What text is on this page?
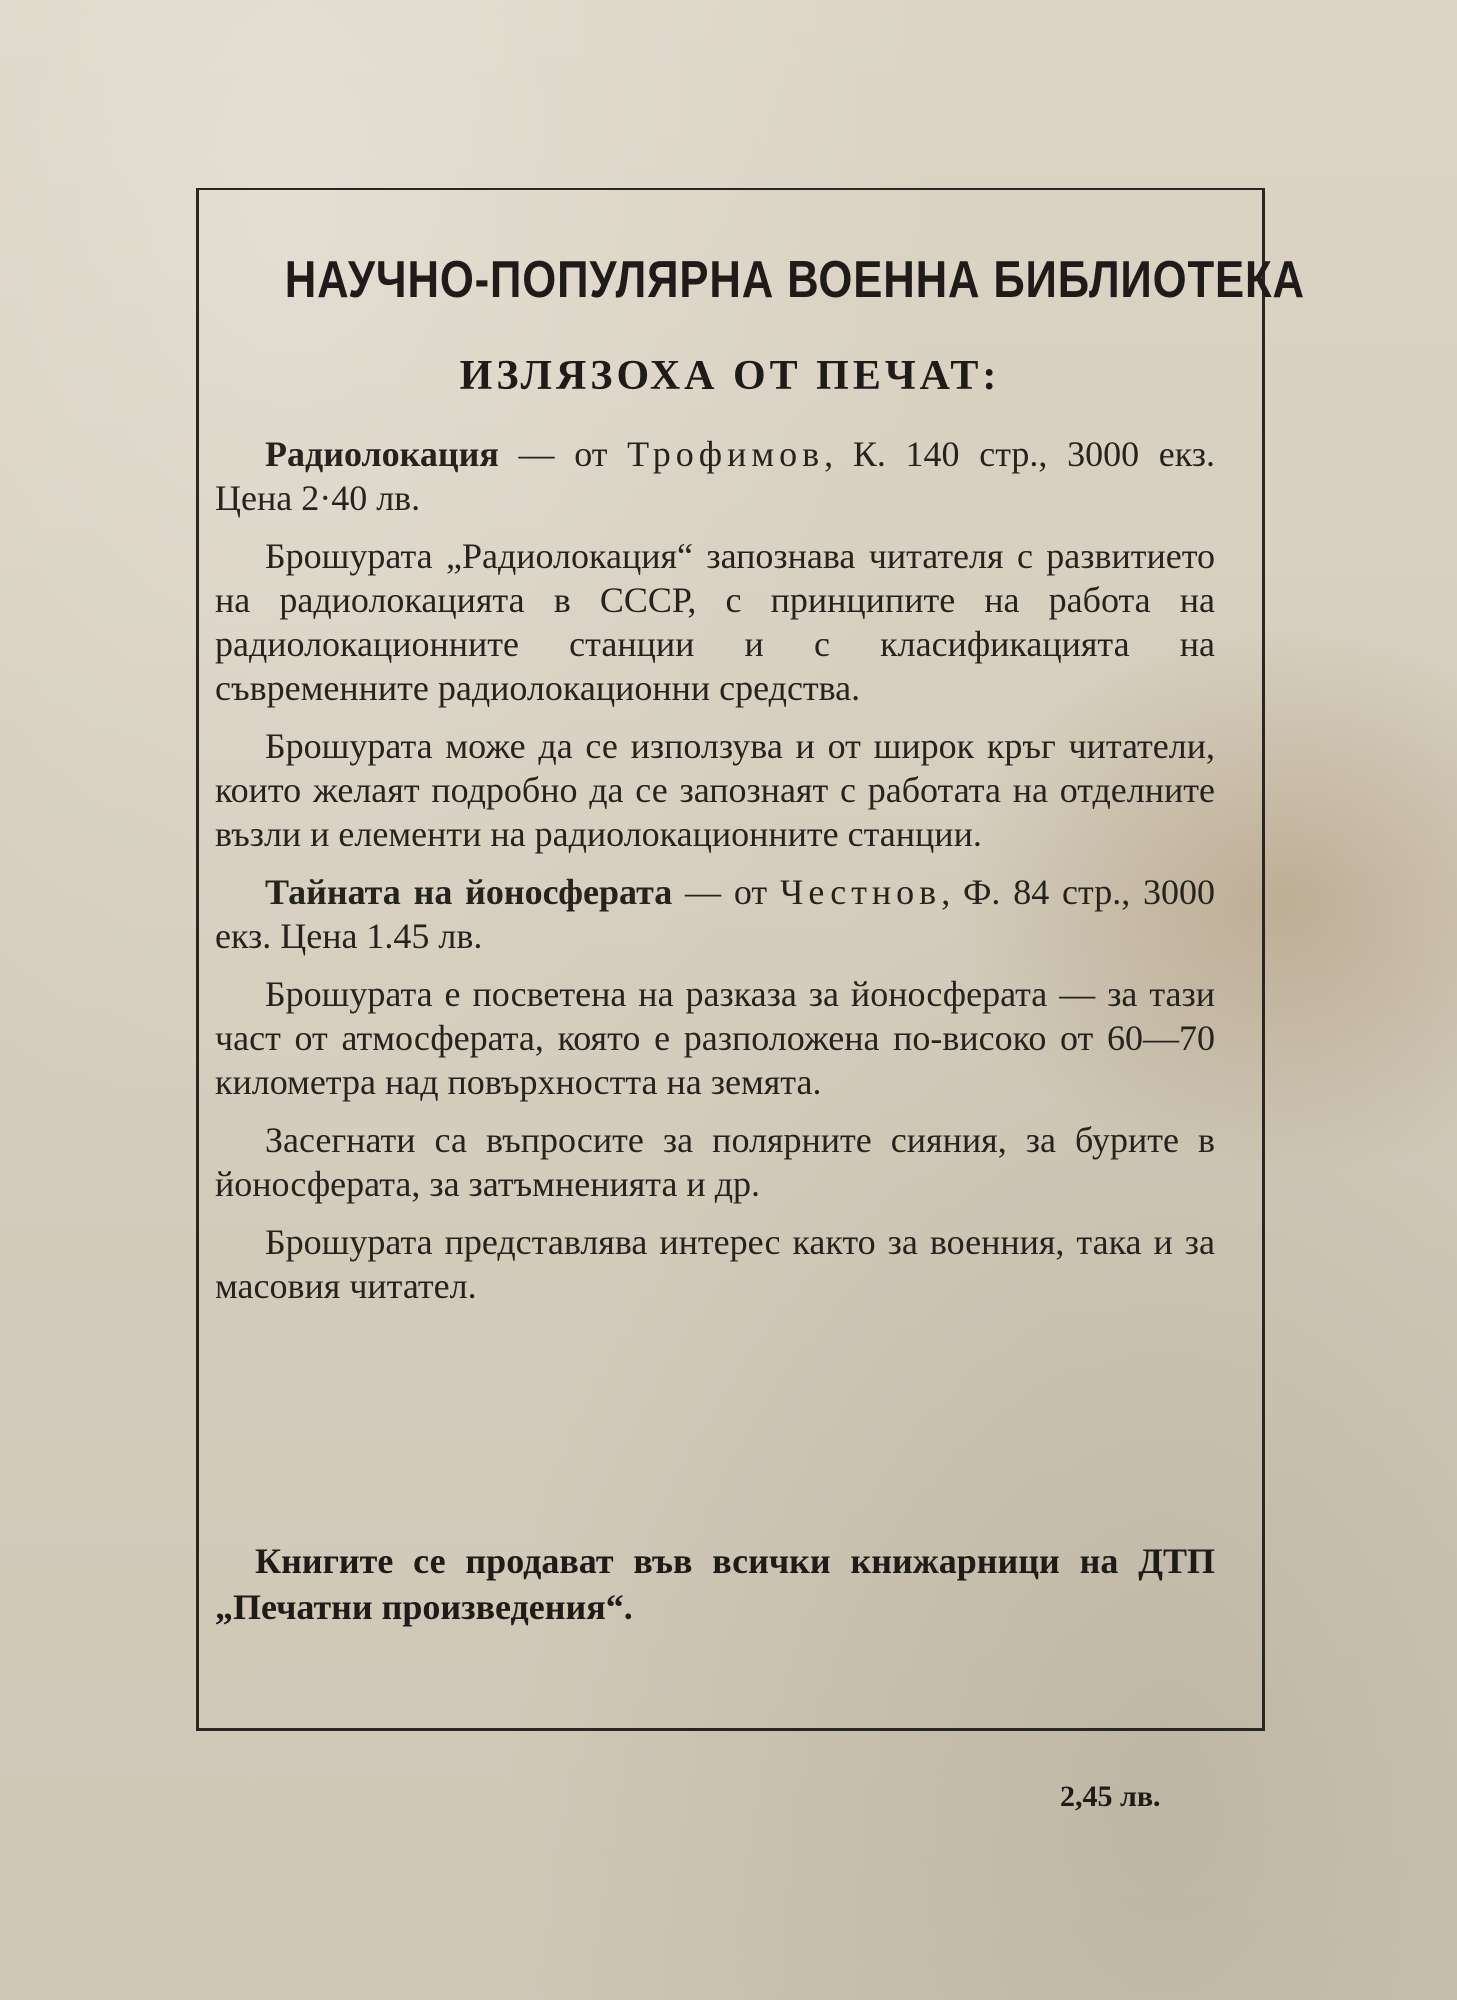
НАУЧНО-ПОПУЛЯРНА ВОЕННА БИБЛИОТЕКА
ИЗЛЯЗОХА ОТ ПЕЧАТ:

Радиолокация — от Трофимов, К. 140 стр., 3000 екз. Цена 2·40 лв.

Брошурата „Радиолокация“ запознава читателя с развитието на радиолокацията в СССР, с принципите на работа на радиолокационните станции и с класификацията на съвременните радиолокационни средства.

Брошурата може да се използува и от широк кръг читатели, които желаят подробно да се запознаят с работата на отделните възли и елементи на радиолокационните станции.

Тайната на йоносферата — от Честнов, Ф. 84 стр., 3000 екз. Цена 1.45 лв.

Брошурата е посветена на разказа за йоносферата — за тази част от атмосферата, която е разположена по-високо от 60—70 километра над повърхността на земята.

Засегнати са въпросите за полярните сияния, за бурите в йоносферата, за затъмненията и др.

Брошурата представлява интерес както за военния, така и за масовия читател.

Книгите се продават във всички книжарници на ДТП „Печатни произведения“.
2,45 лв.
